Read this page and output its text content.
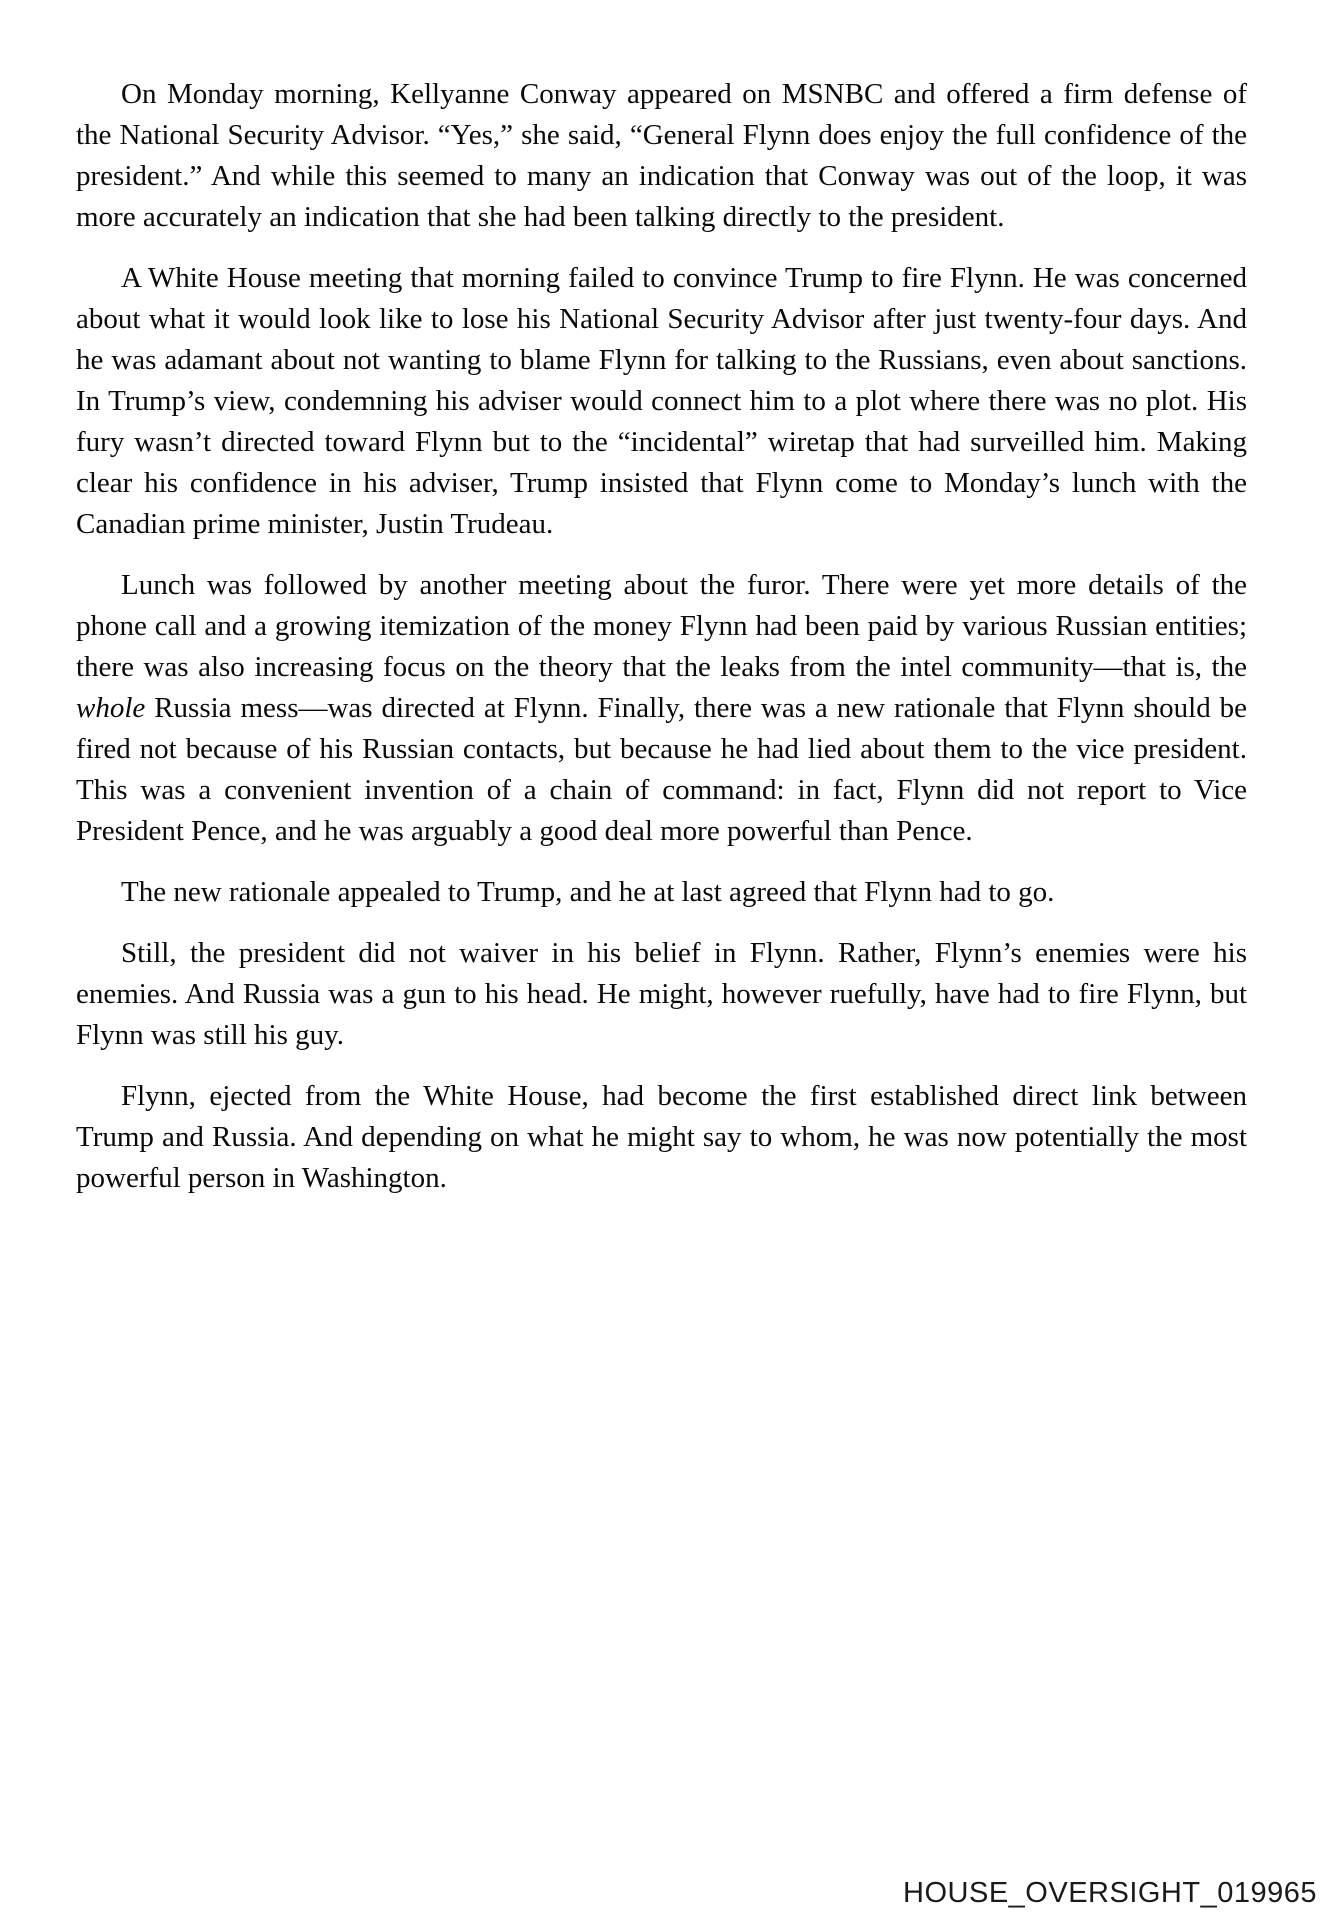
On Monday morning, Kellyanne Conway appeared on MSNBC and offered a firm defense of the National Security Advisor. “Yes,” she said, “General Flynn does enjoy the full confidence of the president.” And while this seemed to many an indication that Conway was out of the loop, it was more accurately an indication that she had been talking directly to the president.

A White House meeting that morning failed to convince Trump to fire Flynn. He was concerned about what it would look like to lose his National Security Advisor after just twenty-four days. And he was adamant about not wanting to blame Flynn for talking to the Russians, even about sanctions. In Trump’s view, condemning his adviser would connect him to a plot where there was no plot. His fury wasn’t directed toward Flynn but to the “incidental” wiretap that had surveilled him. Making clear his confidence in his adviser, Trump insisted that Flynn come to Monday’s lunch with the Canadian prime minister, Justin Trudeau.

Lunch was followed by another meeting about the furor. There were yet more details of the phone call and a growing itemization of the money Flynn had been paid by various Russian entities; there was also increasing focus on the theory that the leaks from the intel community—that is, the whole Russia mess—was directed at Flynn. Finally, there was a new rationale that Flynn should be fired not because of his Russian contacts, but because he had lied about them to the vice president. This was a convenient invention of a chain of command: in fact, Flynn did not report to Vice President Pence, and he was arguably a good deal more powerful than Pence.

The new rationale appealed to Trump, and he at last agreed that Flynn had to go.

Still, the president did not waiver in his belief in Flynn. Rather, Flynn’s enemies were his enemies. And Russia was a gun to his head. He might, however ruefully, have had to fire Flynn, but Flynn was still his guy.

Flynn, ejected from the White House, had become the first established direct link between Trump and Russia. And depending on what he might say to whom, he was now potentially the most powerful person in Washington.

HOUSE_OVERSIGHT_019965
